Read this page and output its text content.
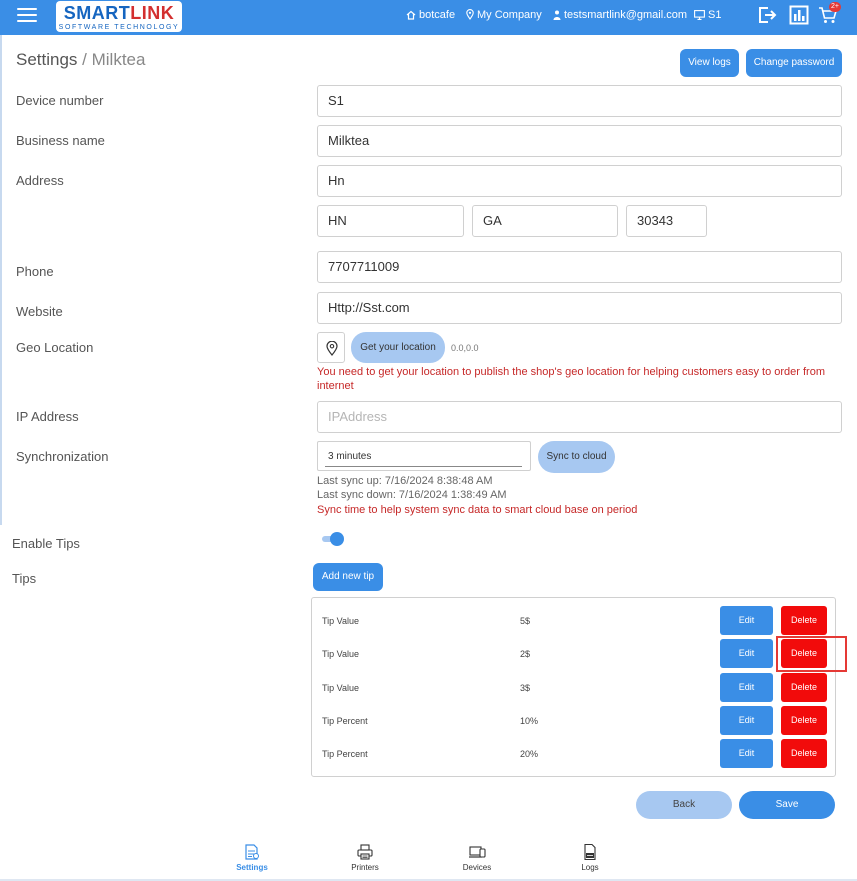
SMARTLINK
SOFTWARE TECHNOLOGY
botcafe	My Company	testsmartlink@gmail.com	S1
2+
Settings / Milktea	View logs	Change password
Device number	S1
Business name	Milktea
Address	Hn
HN	GA	30343
Phone	7707711009
Website	Http://Sst.com
Geo Location	Get your location	0.0,0.0
You need to get your location to publish the shop's geo location for helping customers easy to order from internet
IP Address	IPAddress
Synchronization	3 minutes	Sync to cloud
Last sync up: 7/16/2024 8:38:48 AM
Last sync down: 7/16/2024 1:38:49 AM
Sync time to help system sync data to smart cloud base on period
Enable Tips
Tips	Add new tip
Tip Value	5$	Edit	Delete
Tip Value	2$	Edit	Delete
Tip Value	3$	Edit	Delete
Tip Percent	10%	Edit	Delete
Tip Percent	20%	Edit	Delete
Back	Save
Settings	Printers	Devices	Logs
